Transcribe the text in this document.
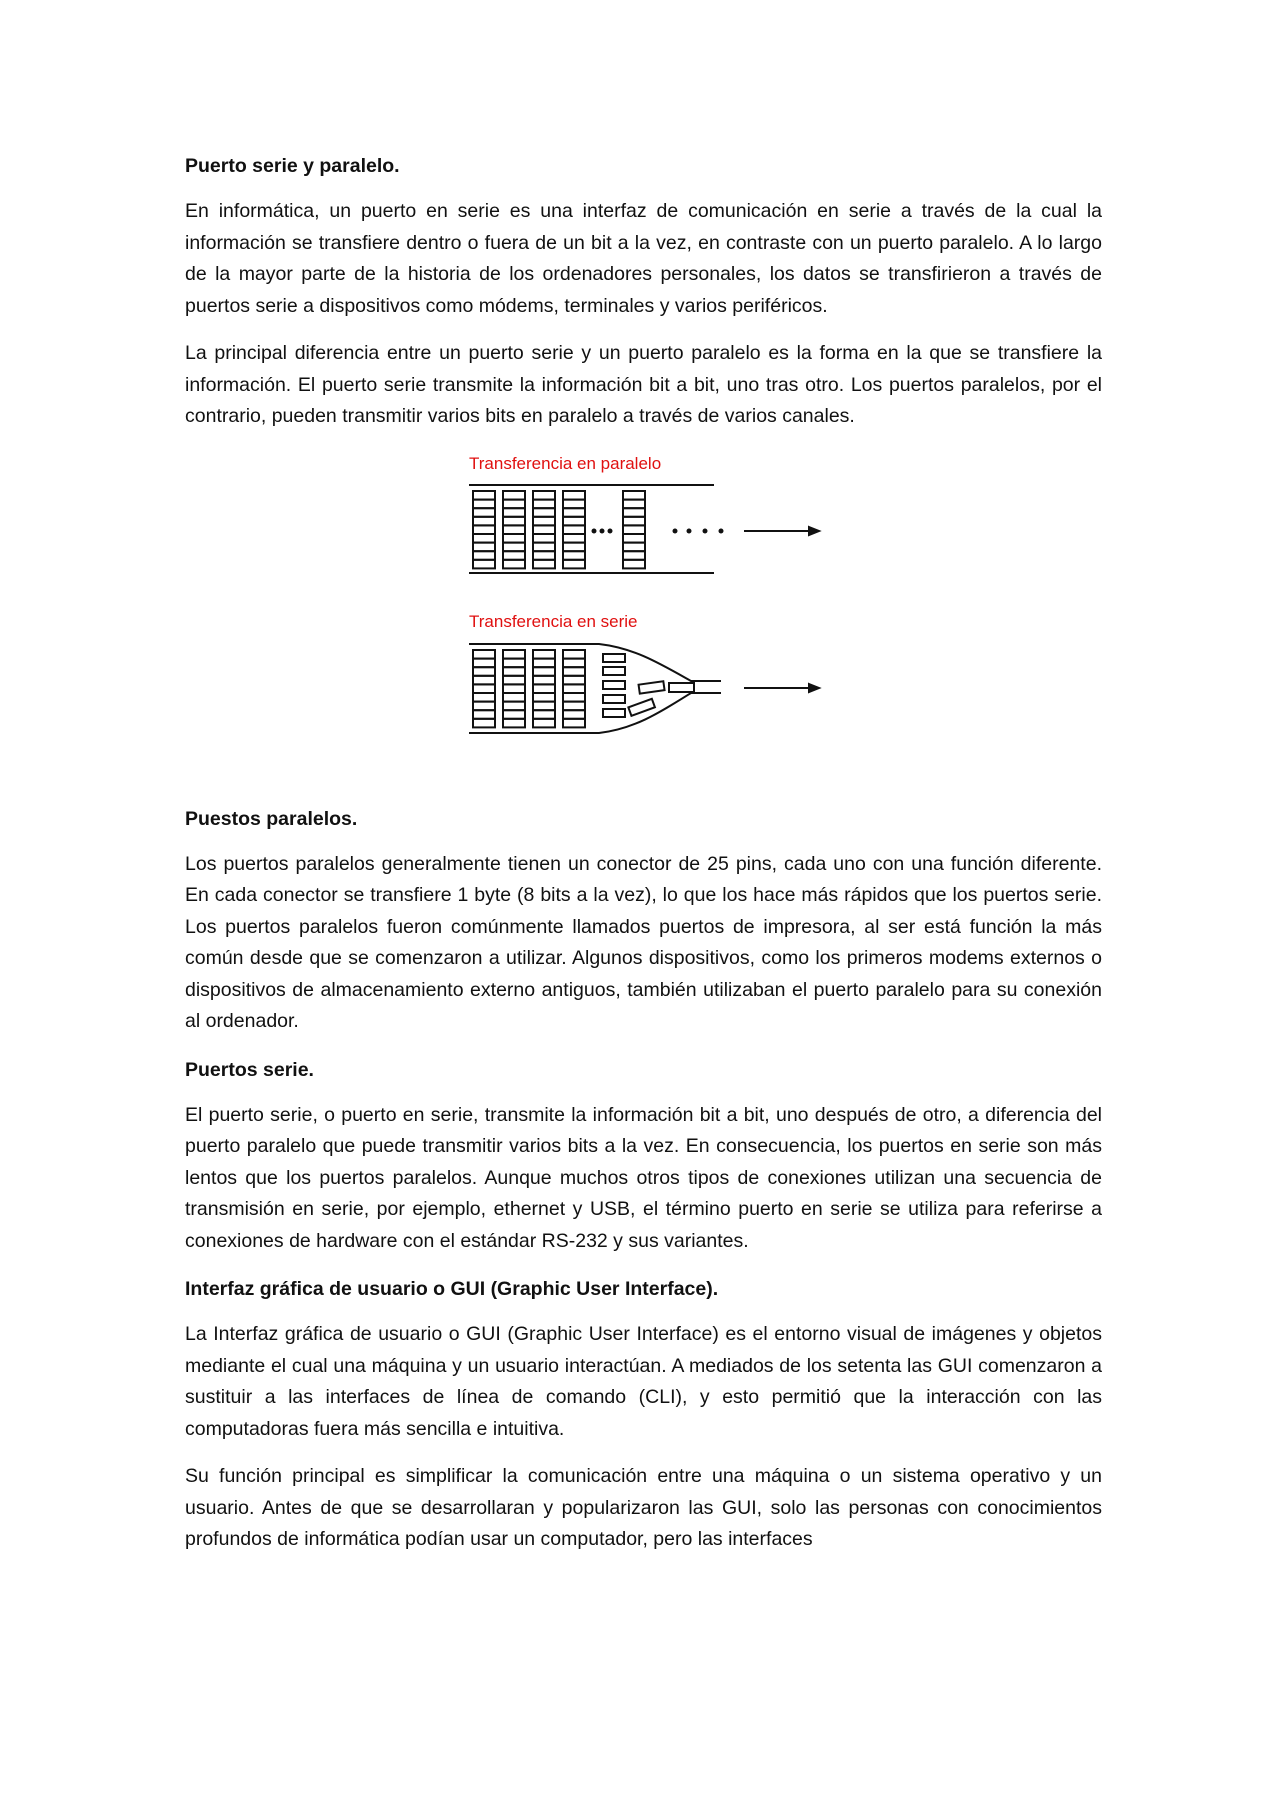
Puerto serie y paralelo.

En informática, un puerto en serie es una interfaz de comunicación en serie a través de la cual la información se transfiere dentro o fuera de un bit a la vez, en contraste con un puerto paralelo. A lo largo de la mayor parte de la historia de los ordenadores personales, los datos se transfirieron a través de puertos serie a dispositivos como módems, terminales y varios periféricos.

La principal diferencia entre un puerto serie y un puerto paralelo es la forma en la que se transfiere la información. El puerto serie transmite la información bit a bit, uno tras otro. Los puertos paralelos, por el contrario, pueden transmitir varios bits en paralelo a través de varios canales.

Transferencia en paralelo
Transferencia en serie
Puestos paralelos.

Los puertos paralelos generalmente tienen un conector de 25 pins, cada uno con una función diferente. En cada conector se transfiere 1 byte (8 bits a la vez), lo que los hace más rápidos que los puertos serie. Los puertos paralelos fueron comúnmente llamados puertos de impresora, al ser está función la más común desde que se comenzaron a utilizar. Algunos dispositivos, como los primeros modems externos o dispositivos de almacenamiento externo antiguos, también utilizaban el puerto paralelo para su conexión al ordenador.

Puertos serie.

El puerto serie, o puerto en serie, transmite la información bit a bit, uno después de otro, a diferencia del puerto paralelo que puede transmitir varios bits a la vez. En consecuencia, los puertos en serie son más lentos que los puertos paralelos. Aunque muchos otros tipos de conexiones utilizan una secuencia de transmisión en serie, por ejemplo, ethernet y USB, el término puerto en serie se utiliza para referirse a conexiones de hardware con el estándar RS-232 y sus variantes.

Interfaz gráfica de usuario o GUI (Graphic User Interface).

La Interfaz gráfica de usuario o GUI (Graphic User Interface) es el entorno visual de imágenes y objetos mediante el cual una máquina y un usuario interactúan. A mediados de los setenta las GUI comenzaron a sustituir a las interfaces de línea de comando (CLI), y esto permitió que la interacción con las computadoras fuera más sencilla e intuitiva.

Su función principal es simplificar la comunicación entre una máquina o un sistema operativo y un usuario. Antes de que se desarrollaran y popularizaron las GUI, solo las personas con conocimientos profundos de informática podían usar un computador, pero las interfaces
